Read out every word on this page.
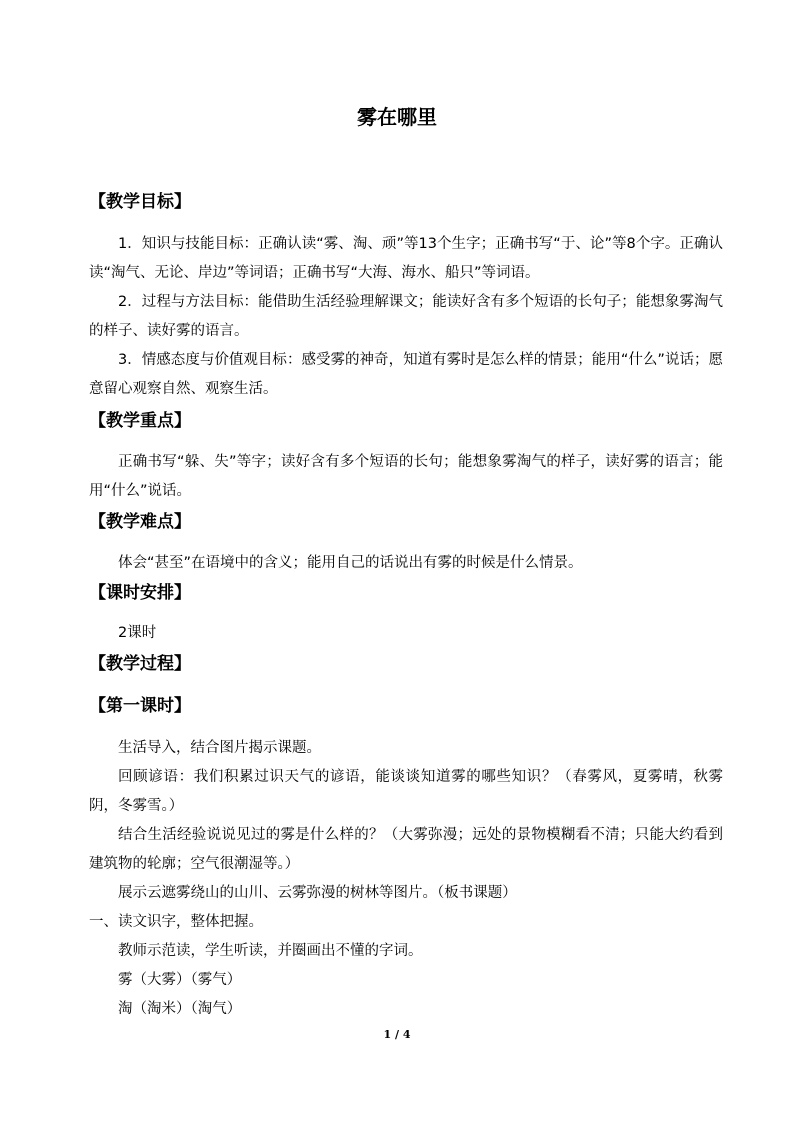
雾在哪里
【教学目标】

1．知识与技能目标：正确认读“雾、淘、顽”等13个生字；正确书写“于、论”等8个字。正确认读“淘气、无论、岸边”等词语；正确书写“大海、海水、船只”等词语。

2．过程与方法目标：能借助生活经验理解课文；能读好含有多个短语的长句子；能想象雾淘气的样子、读好雾的语言。

3．情感态度与价值观目标：感受雾的神奇，知道有雾时是怎么样的情景；能用“什么”说话；愿意留心观察自然、观察生活。

【教学重点】

正确书写“躲、失”等字；读好含有多个短语的长句；能想象雾淘气的样子，读好雾的语言；能用“什么”说话。

【教学难点】

体会“甚至”在语境中的含义；能用自己的话说出有雾的时候是什么情景。

【课时安排】

2课时

【教学过程】
【第一课时】

生活导入，结合图片揭示课题。

回顾谚语：我们积累过识天气的谚语，能谈谈知道雾的哪些知识？（春雾风，夏雾晴，秋雾阴，冬雾雪。）

结合生活经验说说见过的雾是什么样的？（大雾弥漫；远处的景物模糊看不清；只能大约看到建筑物的轮廓；空气很潮湿等。）

展示云遮雾绕山的山川、云雾弥漫的树林等图片。（板书课题）

一、读文识字，整体把握。

教师示范读，学生听读，并圈画出不懂的字词。

雾（大雾）（雾气）

淘（淘米）（淘气）

1 / 4
